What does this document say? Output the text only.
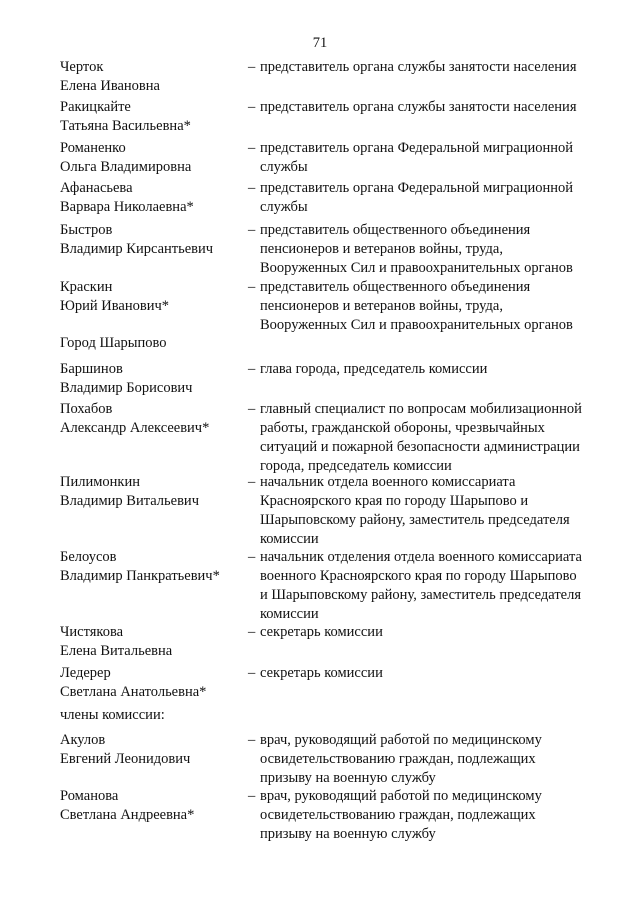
71
Черток
Елена Ивановна
– представитель органа службы занятости населения
Ракицкайте
Татьяна Васильевна*
– представитель органа службы занятости населения
Романенко
Ольга Владимировна
– представитель органа Федеральной миграционной
службы
Афанасьева
Варвара Николаевна*
– представитель органа Федеральной миграционной
службы
Быстров
Владимир Кирсантьевич
– представитель общественного объединения
пенсионеров и ветеранов войны, труда,
Вооруженных Сил и правоохранительных органов
Краскин
Юрий Иванович*
– представитель общественного объединения
пенсионеров и ветеранов войны, труда,
Вооруженных Сил и правоохранительных органов
Баршинов
Владимир Борисович
– глава города, председатель комиссии
Похабов
Александр Алексеевич*
– главный специалист по вопросам мобилизационной
работы, гражданской обороны, чрезвычайных
ситуаций и пожарной безопасности администрации
города, председатель комиссии
Пилимонкин
Владимир Витальевич
– начальник отдела военного комиссариата
Красноярского края по городу Шарыпово и
Шарыповскому району, заместитель председателя
комиссии
Белоусов
Владимир Панкратьевич*
– начальник отделения отдела военного комиссариата
военного Красноярского края по городу Шарыпово
и Шарыповскому району, заместитель председателя
комиссии
Чистякова
Елена Витальевна
– секретарь комиссии
Ледерер
Светлана Анатольевна*
– секретарь комиссии
Акулов
Евгений Леонидович
– врач, руководящий работой по медицинскому
освидетельствованию граждан, подлежащих
призыву на военную службу
Романова
Светлана Андреевна*
– врач, руководящий работой по медицинскому
освидетельствованию граждан, подлежащих
призыву на военную службу
Город Шарыпово
члены комиссии:
